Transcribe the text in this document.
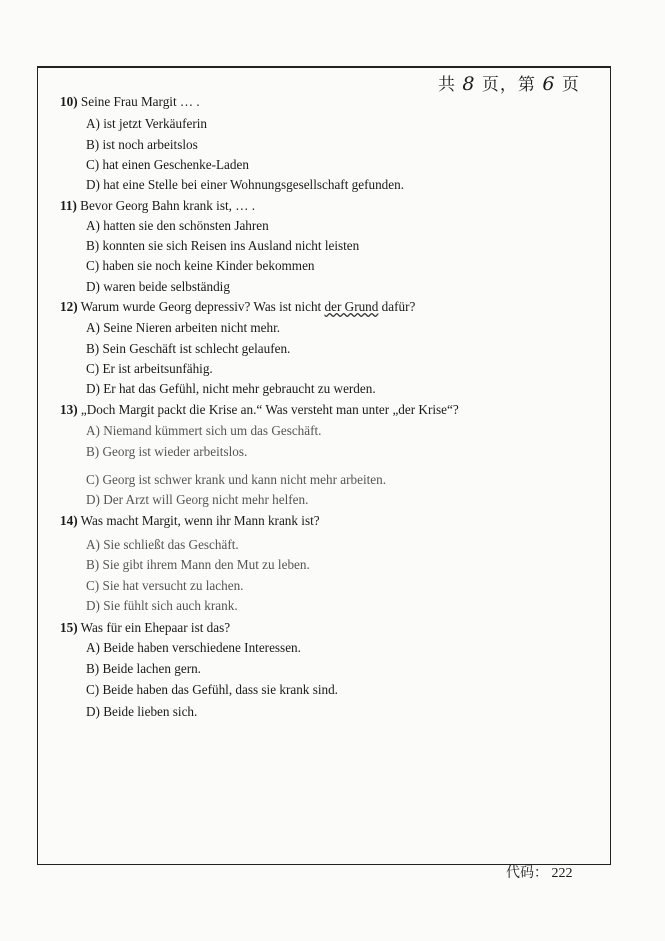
共 8 页，第 6 页
10) Seine Frau Margit … .
A) ist jetzt Verkäuferin
B) ist noch arbeitslos
C) hat einen Geschenke-Laden
D) hat eine Stelle bei einer Wohnungsgesellschaft gefunden.
11) Bevor Georg Bahn krank ist, … .
A) hatten sie den schönsten Jahren
B) konnten sie sich Reisen ins Ausland nicht leisten
C) haben sie noch keine Kinder bekommen
D) waren beide selbständig
12) Warum wurde Georg depressiv? Was ist nicht der Grund dafür?
A) Seine Nieren arbeiten nicht mehr.
B) Sein Geschäft ist schlecht gelaufen.
C) Er ist arbeitsunfähig.
D) Er hat das Gefühl, nicht mehr gebraucht zu werden.
13) „Doch Margit packt die Krise an.“ Was versteht man unter „der Krise“?
A) Niemand kümmert sich um das Geschäft.
B) Georg ist wieder arbeitslos.
C) Georg ist schwer krank und kann nicht mehr arbeiten.
D) Der Arzt will Georg nicht mehr helfen.
14) Was macht Margit, wenn ihr Mann krank ist?
A) Sie schließt das Geschäft.
B) Sie gibt ihrem Mann den Mut zu leben.
C) Sie hat versucht zu lachen.
D) Sie fühlt sich auch krank.
15) Was für ein Ehepaar ist das?
A) Beide haben verschiedene Interessen.
B) Beide lachen gern.
C) Beide haben das Gefühl, dass sie krank sind.
D) Beide lieben sich.
代码： 222
